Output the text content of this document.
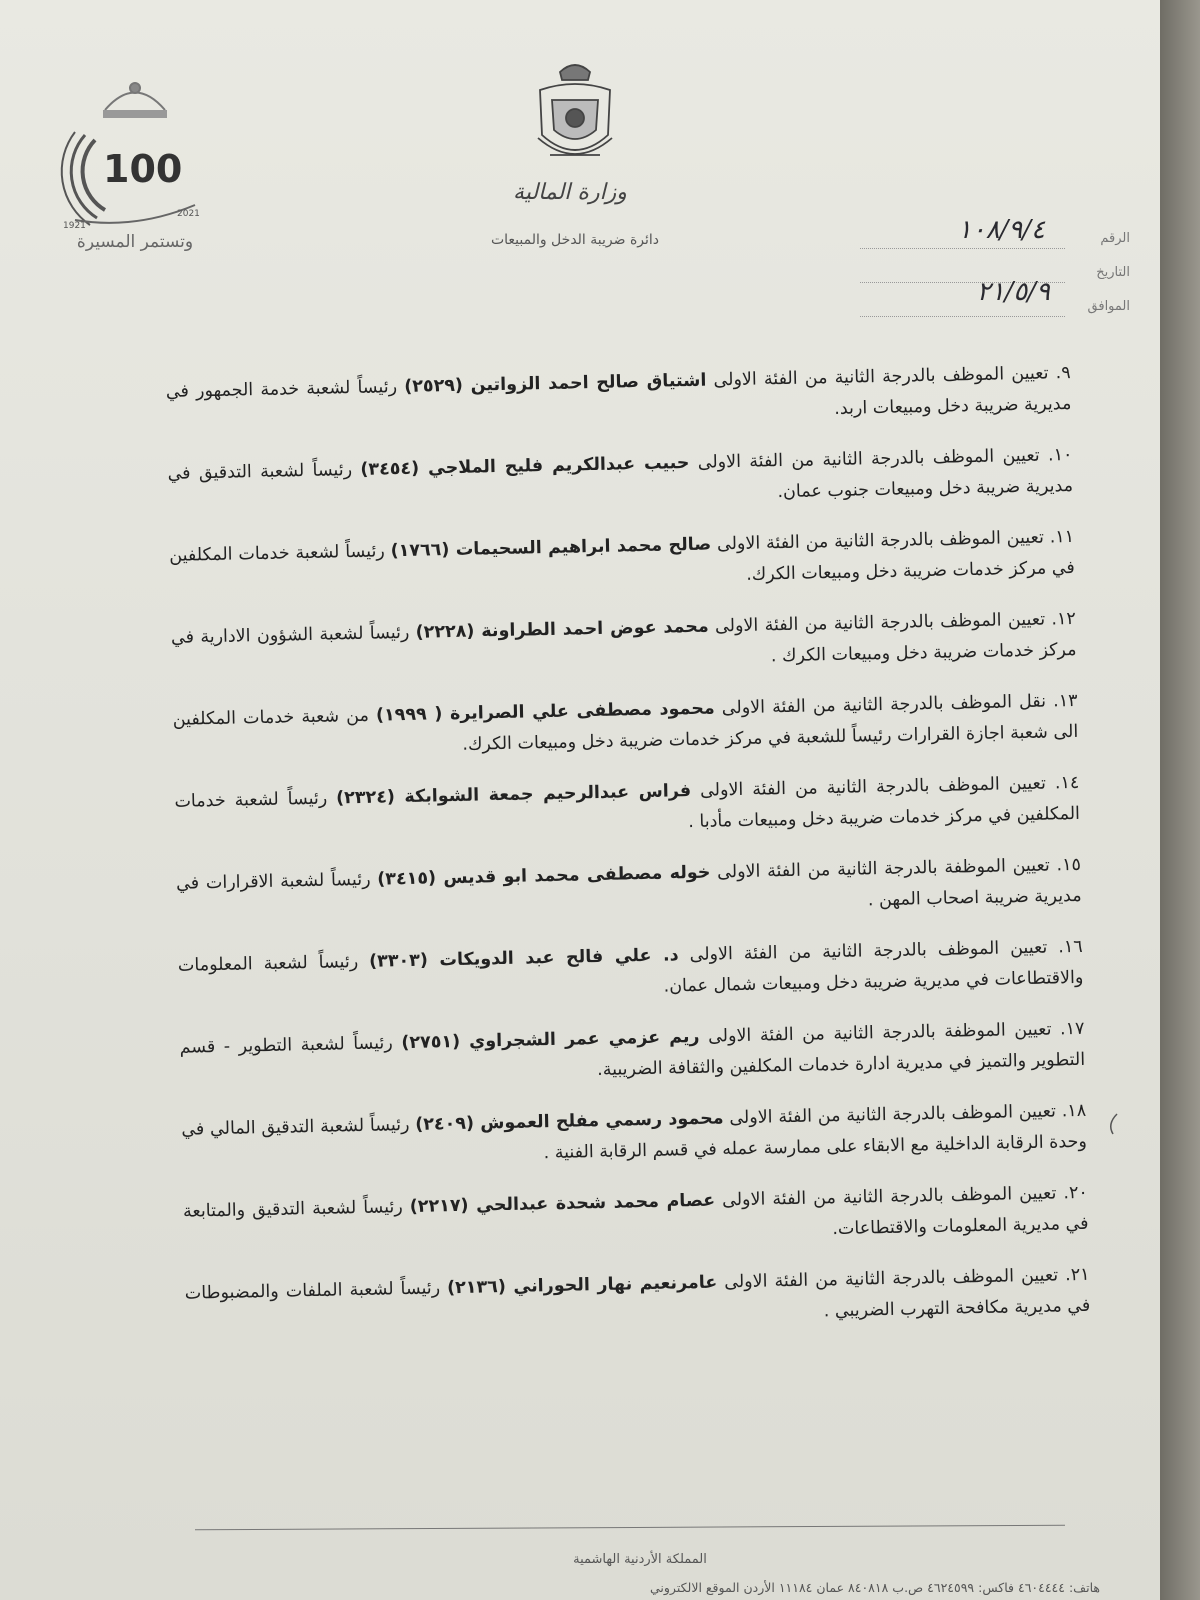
100
1921
2021
وتستمر المسيرة
وزارة المالية
دائرة ضريبة الدخل والمبيعات	الرقم
١٠٨/٩/٤
التاريخ
الموافق
٢١/٥/٩

٩. تعيين الموظف بالدرجة الثانية من الفئة الاولى اشتياق صالح احمد الزواتين (٢٥٢٩) رئيساً لشعبة خدمة الجمهور في مديرية ضريبة دخل ومبيعات اربد.

١٠. تعيين الموظف بالدرجة الثانية من الفئة الاولى حبيب عبدالكريم فليح الملاجي (٣٤٥٤) رئيساً لشعبة التدقيق في مديرية ضريبة دخل ومبيعات جنوب عمان.

١١. تعيين الموظف بالدرجة الثانية من الفئة الاولى صالح محمد ابراهيم السحيمات (١٧٦٦) رئيساً لشعبة خدمات المكلفين في مركز خدمات ضريبة دخل ومبيعات الكرك.

١٢. تعيين الموظف بالدرجة الثانية من الفئة الاولى محمد عوض احمد الطراونة (٢٢٢٨) رئيساً لشعبة الشؤون الادارية في مركز خدمات ضريبة دخل ومبيعات الكرك .

١٣. نقل الموظف بالدرجة الثانية من الفئة الاولى محمود مصطفى علي الصرايرة ( ١٩٩٩) من شعبة خدمات المكلفين الى شعبة اجازة القرارات رئيساً للشعبة في مركز خدمات ضريبة دخل ومبيعات الكرك.

١٤. تعيين الموظف بالدرجة الثانية من الفئة الاولى فراس عبدالرحيم جمعة الشوابكة (٢٣٢٤) رئيساً لشعبة خدمات المكلفين في مركز خدمات ضريبة دخل ومبيعات مأدبا .

١٥. تعيين الموظفة بالدرجة الثانية من الفئة الاولى خوله مصطفى محمد ابو قديس (٣٤١٥) رئيساً لشعبة الاقرارات في مديرية ضريبة اصحاب المهن .

١٦. تعيين الموظف بالدرجة الثانية من الفئة الاولى د. علي فالح عبد الدويكات (٣٣٠٣) رئيساً لشعبة المعلومات والاقتطاعات في مديرية ضريبة دخل ومبيعات شمال عمان.

١٧. تعيين الموظفة بالدرجة الثانية من الفئة الاولى ريم عزمي عمر الشجراوي (٢٧٥١) رئيساً لشعبة التطوير - قسم التطوير والتميز في مديرية ادارة خدمات المكلفين والثقافة الضريبية.

١٨. تعيين الموظف بالدرجة الثانية من الفئة الاولى محمود رسمي مفلح العموش (٢٤٠٩) رئيساً لشعبة التدقيق المالي في وحدة الرقابة الداخلية مع الابقاء على ممارسة عمله في قسم الرقابة الفنية .

٢٠. تعيين الموظف بالدرجة الثانية من الفئة الاولى عصام محمد شحدة عبدالحي (٢٢١٧) رئيساً لشعبة التدقيق والمتابعة في مديرية المعلومات والاقتطاعات.

٢١. تعيين الموظف بالدرجة الثانية من الفئة الاولى عامرنعيم نهار الحوراني (٢١٣٦) رئيساً لشعبة الملفات والمضبوطات في مديرية مكافحة التهرب الضريبي .

المملكة الأردنية الهاشمية
هاتف: ٤٦٠٤٤٤٤ فاكس: ٤٦٢٤٥٩٩ ص.ب ٨٤٠٨١٨ عمان ١١١٨٤ الأردن الموقع الالكتروني
